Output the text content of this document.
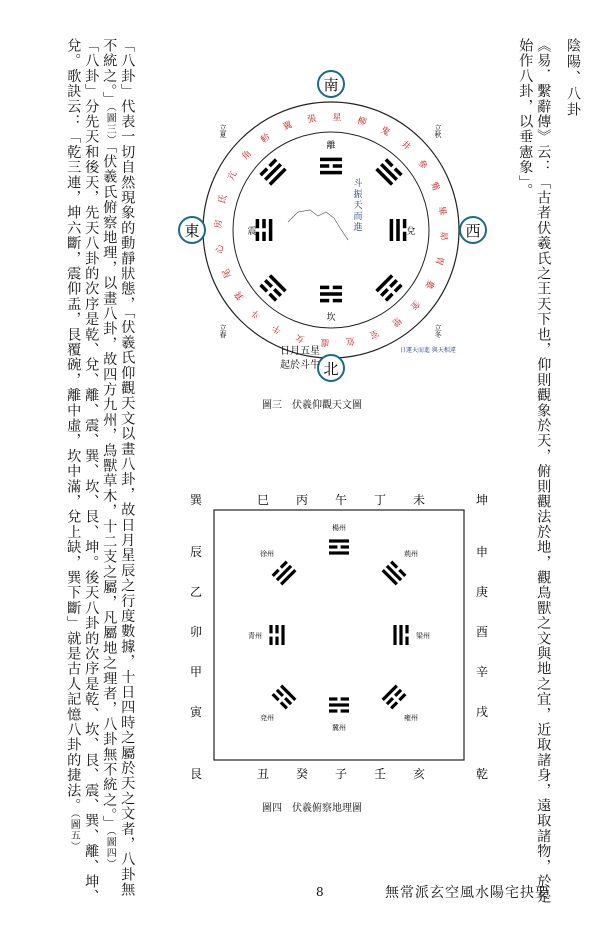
陰陽、八卦
《易．繫辭傳》云：「古者伏羲氏之王天下也，仰則觀象於天，俯則觀法於地，觀鳥獸之文與地之宜，近取諸身，遠取諸物，於是
始作八卦，以垂憲象」。
「八卦」代表一切自然現象的動靜狀態，「伏羲氏仰觀天文以畫八卦，故日月星辰之行度數據，十日四時之屬於天之文者，八卦無
不統之。」（圖三）「伏羲氏俯察地理，以畫八卦，故四方九州，鳥獸草木，十二支之屬，凡屬地之理者，八卦無不統之。」（圖四）
「八卦」分先天和後天，先天八卦的次序是乾、兌、離、震、巽、坎、艮、坤。後天八卦的次序是乾、坎、艮、震、巽、離、坤、
兌。歌訣云：「乾三連，坤六斷，震仰盂，艮覆碗，離中虛，坎中滿，兌上缺，巽下斷」就是古人記憶八卦的捷法。（圖五）
軫
翼
張 星 柳
鬼
井
參
觜
畢
昴
胃
婁
奎
壁
室
危
虛
女
牛
斗
箕
尾
心
房
氐
亢
角
南
北
東	西
立夏	立秋
立春	立冬
離
坎
震	兌
斗
振
天
而
進
日月五星
起於斗牛
日運天而進 與天相違
圖三　伏羲仰觀天文圖
巽	坤
艮	乾
巳 丙 午 丁 未
丑 癸 子 壬 亥
辰
乙
卯
甲
寅
申
庚
酉
辛
戌
楊州
荊州
梁州
雍州
冀州
兗州
青州
徐州
圖四　伏羲俯察地理圖
8	無常派玄空風水陽宅抉要
